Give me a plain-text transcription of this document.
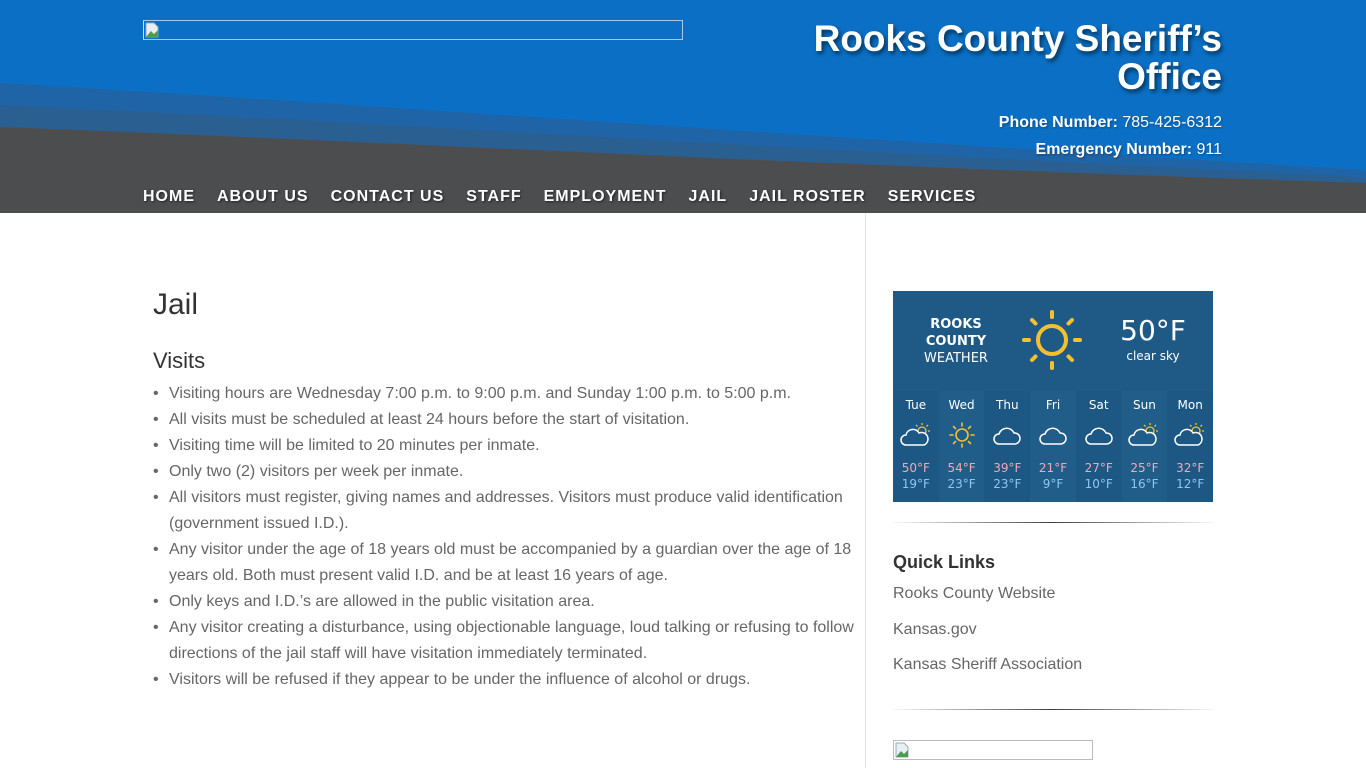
Rooks County Sheriff’s
Office
Phone Number: 785-425-6312
Emergency Number: 911
HOME ABOUT US CONTACT US STAFF EMPLOYMENT JAIL JAIL ROSTER SERVICES
Jail
Visits
• Visiting hours are Wednesday 7:00 p.m. to 9:00 p.m. and Sunday 1:00 p.m. to 5:00 p.m.
• All visits must be scheduled at least 24 hours before the start of visitation.
• Visiting time will be limited to 20 minutes per inmate.
• Only two (2) visitors per week per inmate.
• All visitors must register, giving names and addresses. Visitors must produce valid identification (government issued I.D.).
• Any visitor under the age of 18 years old must be accompanied by a guardian over the age of 18 years old. Both must present valid I.D. and be at least 16 years of age.
• Only keys and I.D.’s are allowed in the public visitation area.
• Any visitor creating a disturbance, using objectionable language, loud talking or refusing to follow directions of the jail staff will have visitation immediately terminated.
• Visitors will be refused if they appear to be under the influence of alcohol or drugs.
ROOKS
COUNTY
WEATHER
50°F
clear sky
Tue
50°F
19°F
Wed
54°F
23°F
Thu
39°F
23°F
Fri
21°F
9°F
Sat
27°F
10°F
Sun
25°F
16°F
Mon
32°F
12°F
Quick Links
Rooks County Website
Kansas.gov
Kansas Sheriff Association
